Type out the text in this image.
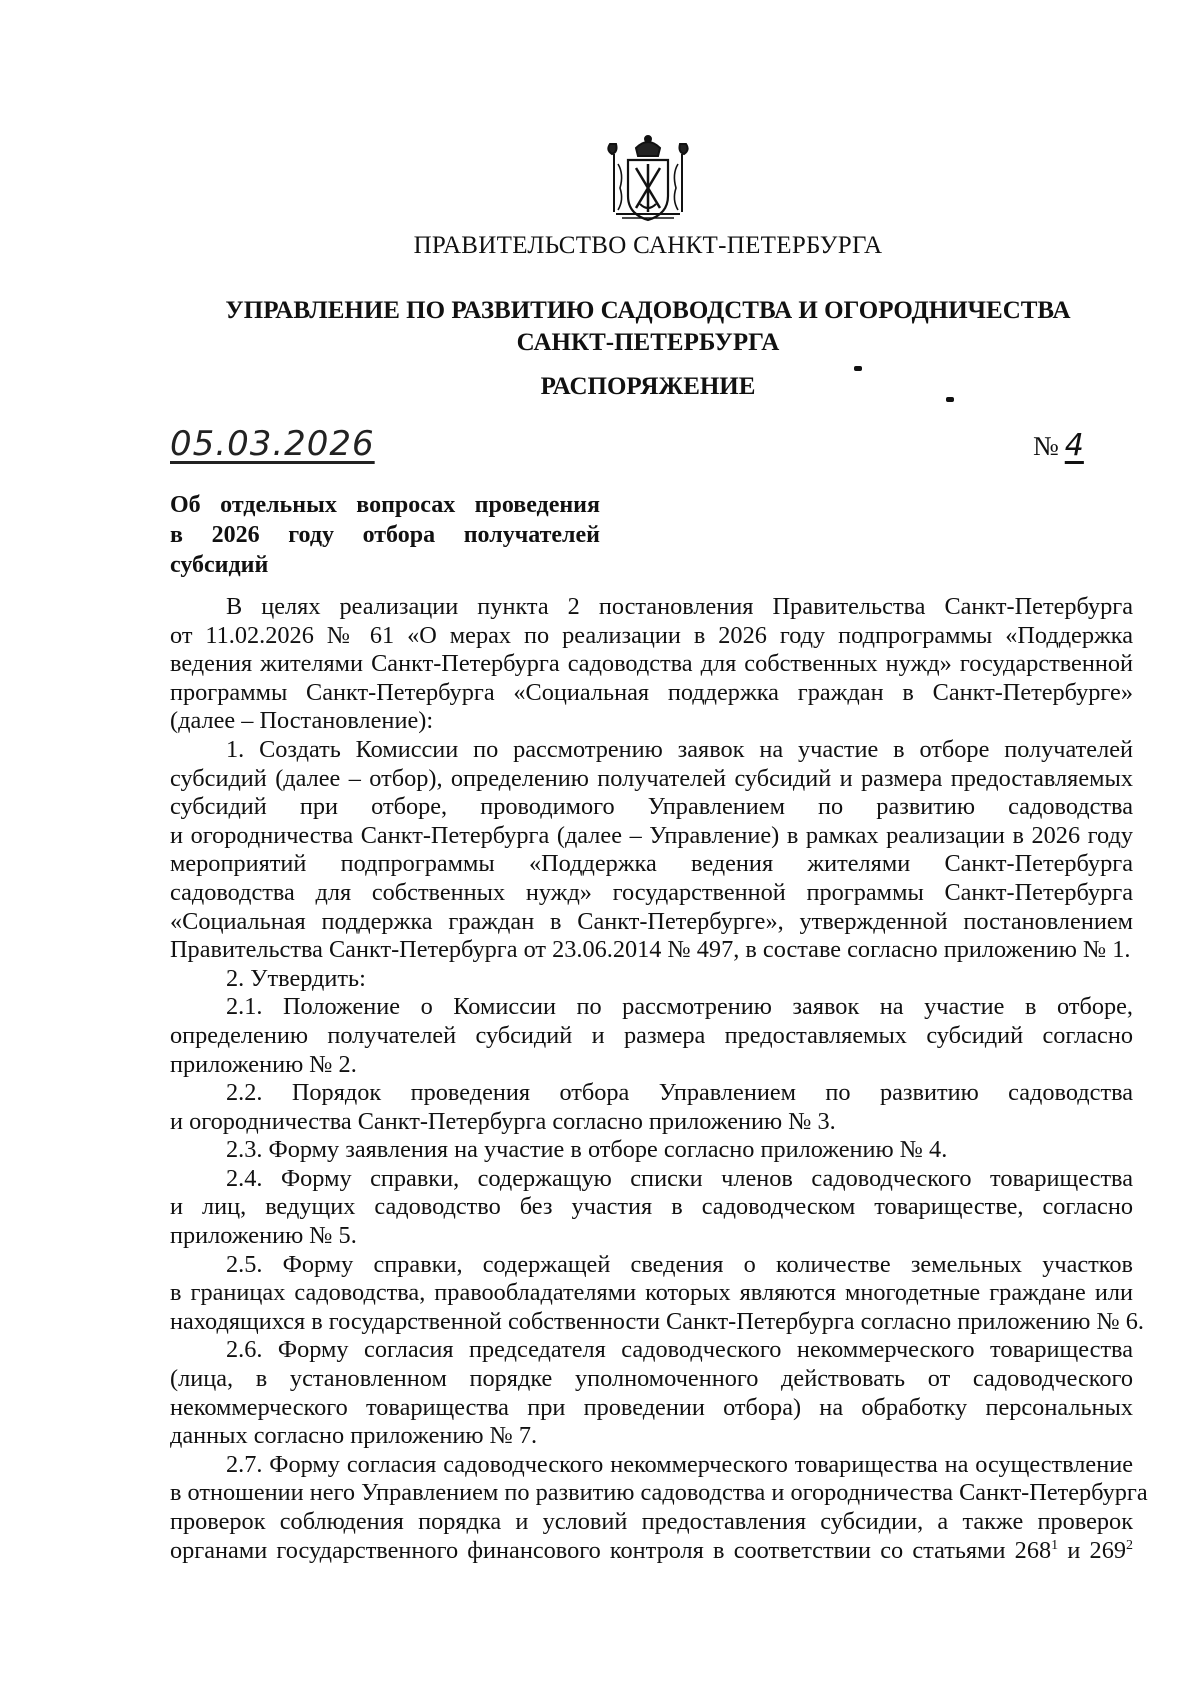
ПРАВИТЕЛЬСТВО САНКТ-ПЕТЕРБУРГА
УПРАВЛЕНИЕ ПО РАЗВИТИЮ САДОВОДСТВА И ОГОРОДНИЧЕСТВА
САНКТ-ПЕТЕРБУРГА
РАСПОРЯЖЕНИЕ
05.03.2026	№ 4
Об отдельных вопросах проведения
в 2026 году отбора получателей
субсидий
В целях реализации пункта 2 постановления Правительства Санкт-Петербурга
от 11.02.2026 № 61 «О мерах по реализации в 2026 году подпрограммы «Поддержка
ведения жителями Санкт-Петербурга садоводства для собственных нужд» государственной
программы Санкт-Петербурга «Социальная поддержка граждан в Санкт-Петербурге»
(далее – Постановление):
1. Создать Комиссии по рассмотрению заявок на участие в отборе получателей
субсидий (далее – отбор), определению получателей субсидий и размера предоставляемых
субсидий при отборе, проводимого Управлением по развитию садоводства
и огородничества Санкт-Петербурга (далее – Управление) в рамках реализации в 2026 году
мероприятий подпрограммы «Поддержка ведения жителями Санкт-Петербурга
садоводства для собственных нужд» государственной программы Санкт-Петербурга
«Социальная поддержка граждан в Санкт-Петербурге», утвержденной постановлением
Правительства Санкт-Петербурга от 23.06.2014 № 497, в составе согласно приложению № 1.
2. Утвердить:
2.1. Положение о Комиссии по рассмотрению заявок на участие в отборе,
определению получателей субсидий и размера предоставляемых субсидий согласно
приложению № 2.
2.2. Порядок проведения отбора Управлением по развитию садоводства
и огородничества Санкт-Петербурга согласно приложению № 3.
2.3. Форму заявления на участие в отборе согласно приложению № 4.
2.4. Форму справки, содержащую списки членов садоводческого товарищества
и лиц, ведущих садоводство без участия в садоводческом товариществе, согласно
приложению № 5.
2.5. Форму справки, содержащей сведения о количестве земельных участков
в границах садоводства, правообладателями которых являются многодетные граждане или
находящихся в государственной собственности Санкт-Петербурга согласно приложению № 6.
2.6. Форму согласия председателя садоводческого некоммерческого товарищества
(лица, в установленном порядке уполномоченного действовать от садоводческого
некоммерческого товарищества при проведении отбора) на обработку персональных
данных согласно приложению № 7.
2.7. Форму согласия садоводческого некоммерческого товарищества на осуществление
в отношении него Управлением по развитию садоводства и огородничества Санкт-Петербурга
проверок соблюдения порядка и условий предоставления субсидии, а также проверок
органами государственного финансового контроля в соответствии со статьями $268^1$ и $269^2$
